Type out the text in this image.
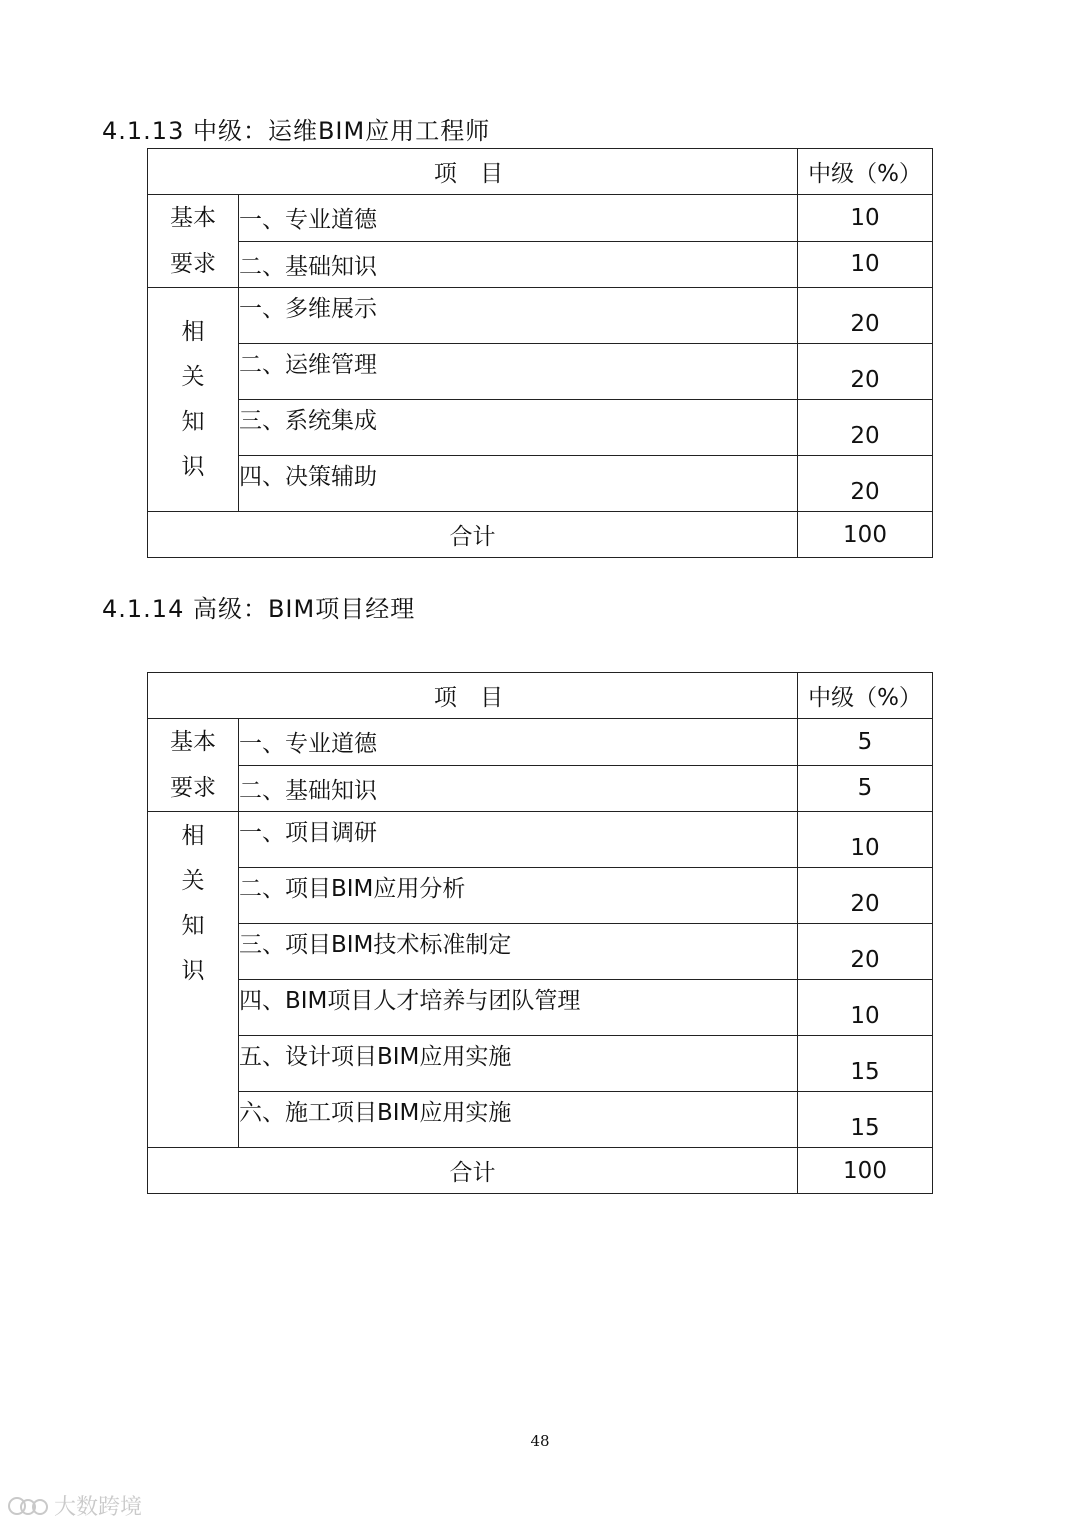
4.1.13 中级：运维BIM应用工程师
项 目		中级（%）

基本
要求	一、专业道德	10
	二、基础知识	10

相
关
知
识	一、多维展示	20
	二、运维管理	20
	三、系统集成	20
	四、决策辅助	20
合计		100
4.1.14 高级：BIM项目经理
项 目		中级（%）

基本
要求	一、专业道德	5
	二、基础知识	5

相
关
知
识	一、项目调研	10
	二、项目BIM应用分析	20
	三、项目BIM技术标准制定	20
	四、BIM项目人才培养与团队管理	10
	五、设计项目BIM应用实施	15
	六、施工项目BIM应用实施	15
合计		100
48
大数跨境
